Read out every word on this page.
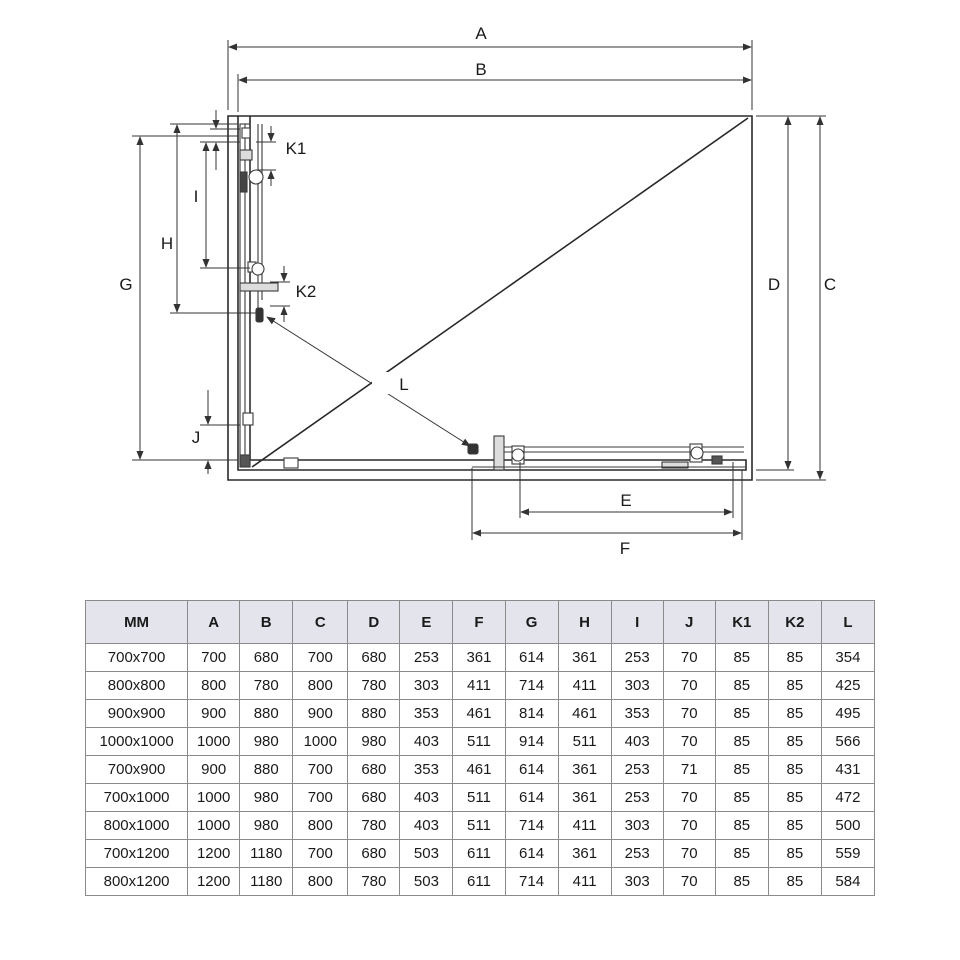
A
B
C
D
E
F
G
H
I
J
K1
K2
L
MM	A	B	C	D	E	F	G	H	I	J	K1	K2	L
700x700	700	680	700	680	253	361	614	361	253	70	85	85	354
800x800	800	780	800	780	303	411	714	411	303	70	85	85	425
900x900	900	880	900	880	353	461	814	461	353	70	85	85	495
1000x1000	1000	980	1000	980	403	511	914	511	403	70	85	85	566
700x900	900	880	700	680	353	461	614	361	253	71	85	85	431
700x1000	1000	980	700	680	403	511	614	361	253	70	85	85	472
800x1000	1000	980	800	780	403	511	714	411	303	70	85	85	500
700x1200	1200	1180	700	680	503	611	614	361	253	70	85	85	559
800x1200	1200	1180	800	780	503	611	714	411	303	70	85	85	584
